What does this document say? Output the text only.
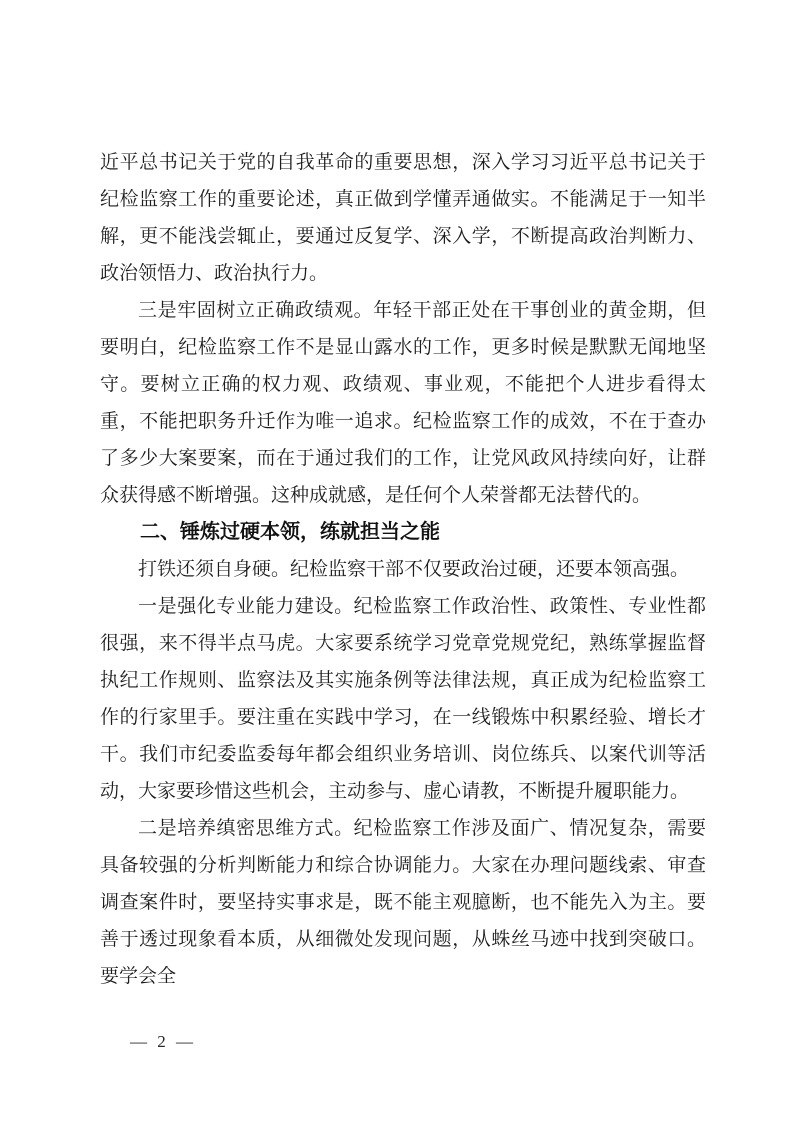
近平总书记关于党的自我革命的重要思想，深入学习习近平总书记关于纪检监察工作的重要论述，真正做到学懂弄通做实。不能满足于一知半解，更不能浅尝辄止，要通过反复学、深入学，不断提高政治判断力、政治领悟力、政治执行力。

三是牢固树立正确政绩观。年轻干部正处在干事创业的黄金期，但要明白，纪检监察工作不是显山露水的工作，更多时候是默默无闻地坚守。要树立正确的权力观、政绩观、事业观，不能把个人进步看得太重，不能把职务升迁作为唯一追求。纪检监察工作的成效，不在于查办了多少大案要案，而在于通过我们的工作，让党风政风持续向好，让群众获得感不断增强。这种成就感，是任何个人荣誉都无法替代的。

二、锤炼过硬本领，练就担当之能

打铁还须自身硬。纪检监察干部不仅要政治过硬，还要本领高强。

一是强化专业能力建设。纪检监察工作政治性、政策性、专业性都很强，来不得半点马虎。大家要系统学习党章党规党纪，熟练掌握监督执纪工作规则、监察法及其实施条例等法律法规，真正成为纪检监察工作的行家里手。要注重在实践中学习，在一线锻炼中积累经验、增长才干。我们市纪委监委每年都会组织业务培训、岗位练兵、以案代训等活动，大家要珍惜这些机会，主动参与、虚心请教，不断提升履职能力。

二是培养缜密思维方式。纪检监察工作涉及面广、情况复杂，需要具备较强的分析判断能力和综合协调能力。大家在办理问题线索、审查调查案件时，要坚持实事求是，既不能主观臆断，也不能先入为主。要善于透过现象看本质，从细微处发现问题，从蛛丝马迹中找到突破口。要学会全

— 2 —
